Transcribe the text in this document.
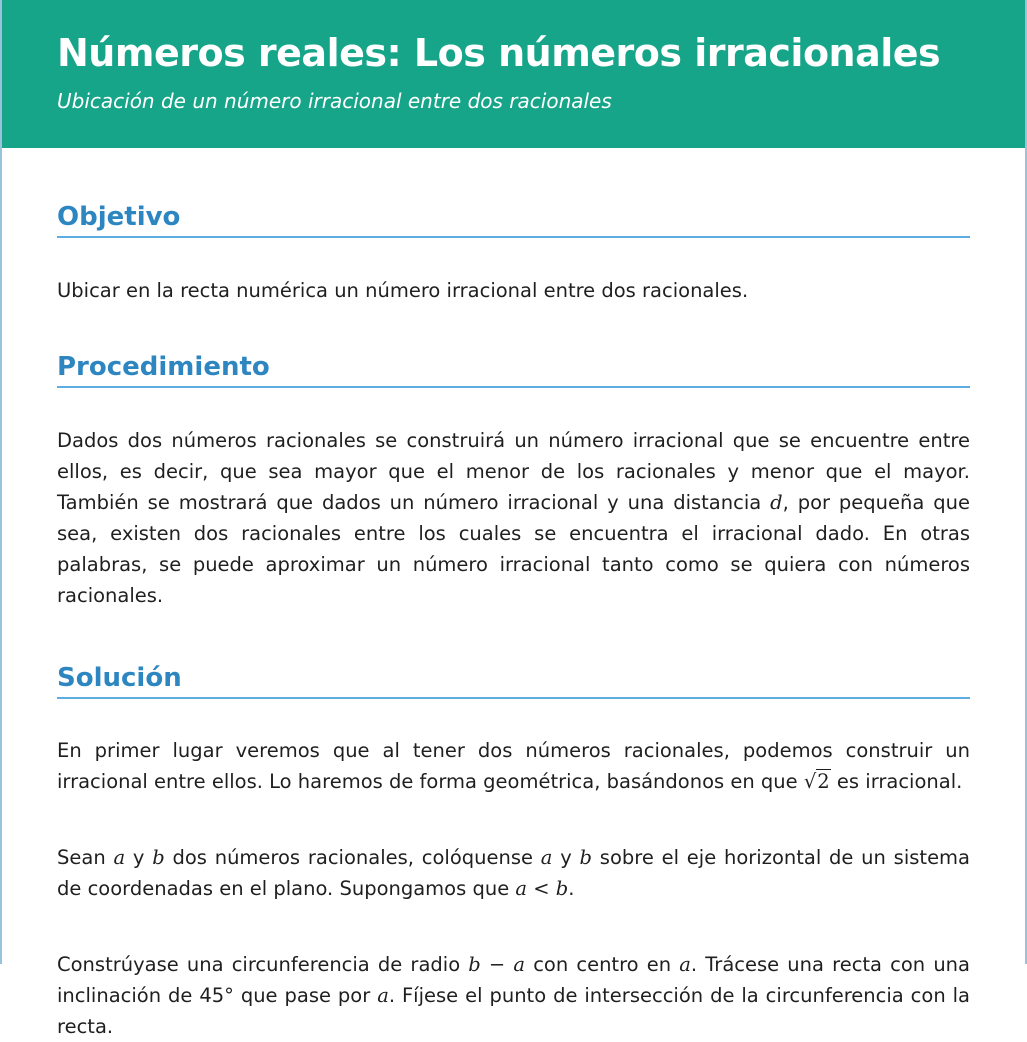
Números reales: Los números irracionales
Ubicación de un número irracional entre dos racionales
Objetivo

Ubicar en la recta numérica un número irracional entre dos racionales.

Procedimiento

Dados dos números racionales se construirá un número irracional que se encuentre entre ellos, es decir, que sea mayor que el menor de los racionales y menor que el mayor. También se mostrará que dados un número irracional y una distancia d, por pequeña que sea, existen dos racionales entre los cuales se encuentra el irracional dado. En otras palabras, se puede aproximar un número irracional tanto como se quiera con números racionales.

Solución

En primer lugar veremos que al tener dos números racionales, podemos construir un irracional entre ellos. Lo haremos de forma geométrica, basándonos en que √2 es irracional.

Sean a y b dos números racionales, colóquense a y b sobre el eje horizontal de un sistema de coordenadas en el plano. Supongamos que a < b.

Constrúyase una circunferencia de radio b − a con centro en a. Trácese una recta con una inclinación de 45° que pase por a. Fíjese el punto de intersección de la circunferencia con la recta.
